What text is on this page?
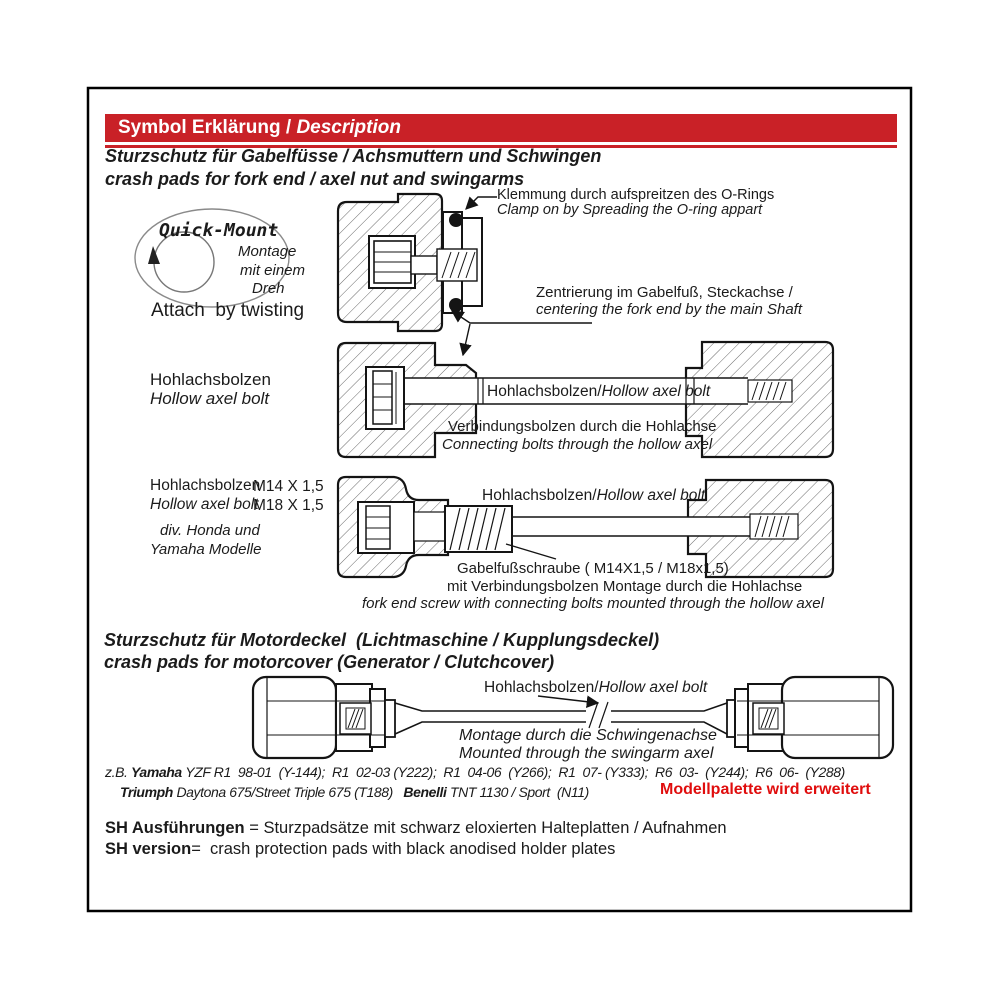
Symbol Erklärung / Description
Sturzschutz für Gabelfüsse / Achsmuttern und Schwingen
crash pads for fork end / axel nut and swingarms
Quick-Mount
Montage
mit einem
Dreh
Attach  by twisting
Klemmung durch aufspreitzen des O-Rings
Clamp on by Spreading the O-ring appart
Zentrierung im Gabelfuß, Steckachse /
centering the fork end by the main Shaft
Hohlachsbolzen
Hollow axel bolt	Hohlachsbolzen/Hollow axel bolt
Verbindungsbolzen durch die Hohlachse
Connecting bolts through the hollow axel
Hohlachsbolzen
M14 X 1,5
Hollow axel bolt
M18 X 1,5
div. Honda und
Yamaha Modelle
Hohlachsbolzen/Hollow axel bolt
Gabelfußschraube ( M14X1,5 / M18x1,5)
mit Verbindungsbolzen Montage durch die Hohlachse
fork end screw with connecting bolts mounted through the hollow axel
Sturzschutz für Motordeckel  (Lichtmaschine / Kupplungsdeckel)
crash pads for motorcover (Generator / Clutchcover)
Hohlachsbolzen/Hollow axel bolt
Montage durch die Schwingenachse
Mounted through the swingarm axel
z.B. Yamaha YZF R1  98-01  (Y-144);  R1  02-03 (Y222);  R1  04-06  (Y266);  R1  07- (Y333);  R6  03-  (Y244);  R6  06-  (Y288)
Triumph Daytona 675/Street Triple 675 (T188)   Benelli TNT 1130 / Sport  (N11)	Modellpalette wird erweitert
SH Ausführungen = Sturzpadsätze mit schwarz eloxierten Halteplatten / Aufnahmen
SH version=  crash protection pads with black anodised holder plates
